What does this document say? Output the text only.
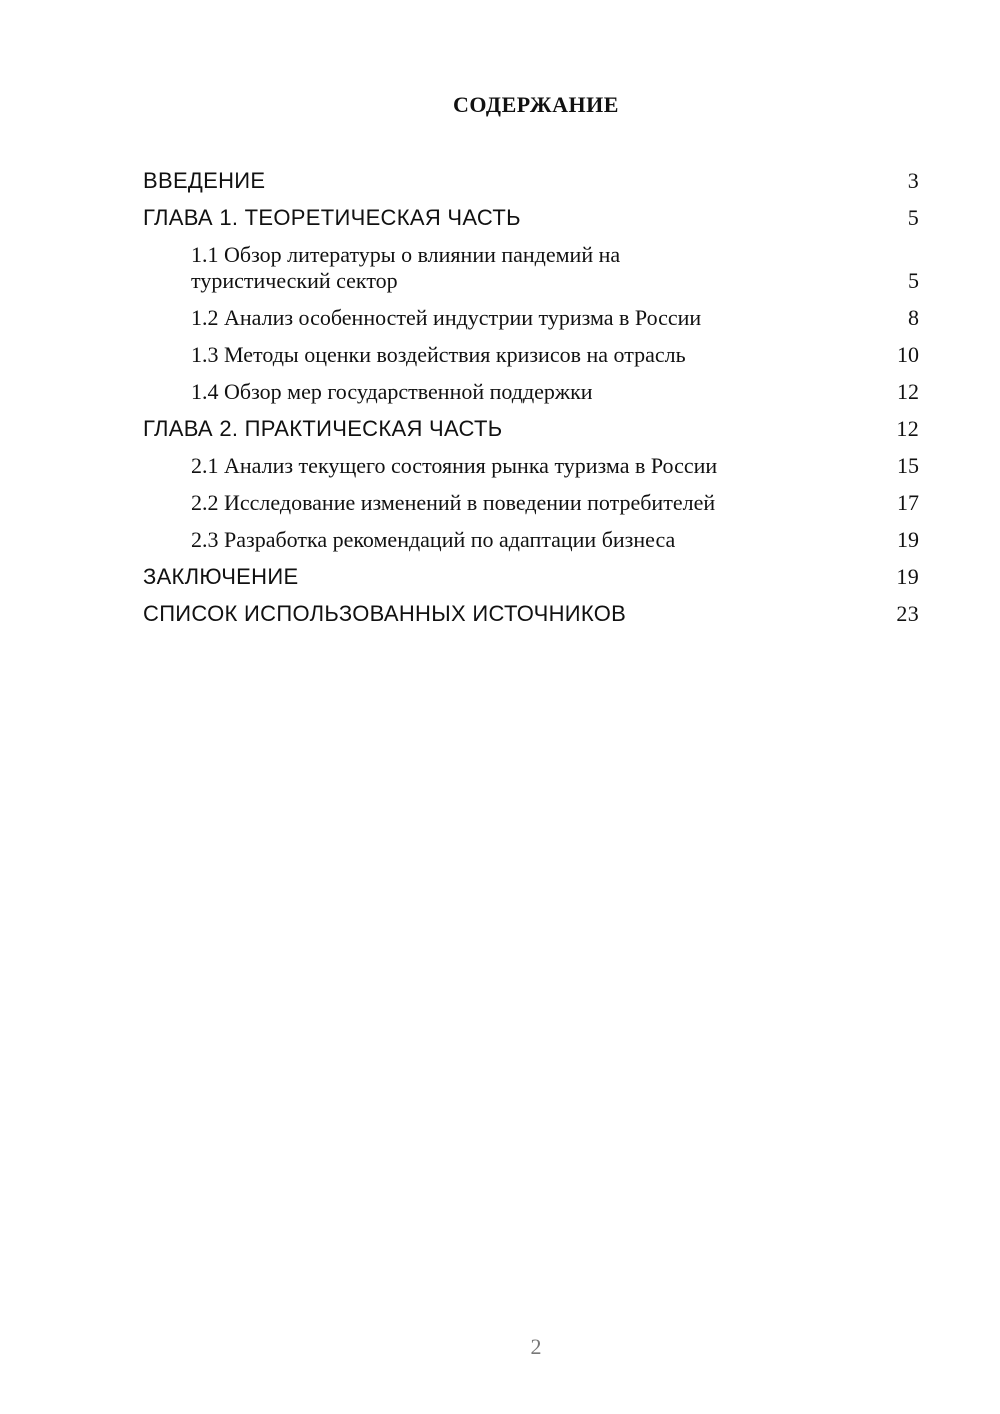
СОДЕРЖАНИЕ
ВВЕДЕНИЕ	3
ГЛАВА 1. ТЕОРЕТИЧЕСКАЯ ЧАСТЬ	5
1.1 Обзор литературы о влиянии пандемий на
туристический сектор	5
1.2 Анализ особенностей индустрии туризма в России	8
1.3 Методы оценки воздействия кризисов на отрасль	10
1.4 Обзор мер государственной поддержки	12
ГЛАВА 2. ПРАКТИЧЕСКАЯ ЧАСТЬ	12
2.1 Анализ текущего состояния рынка туризма в России	15
2.2 Исследование изменений в поведении потребителей	17
2.3 Разработка рекомендаций по адаптации бизнеса	19
ЗАКЛЮЧЕНИЕ	19
СПИСОК ИСПОЛЬЗОВАННЫХ ИСТОЧНИКОВ	23
2
